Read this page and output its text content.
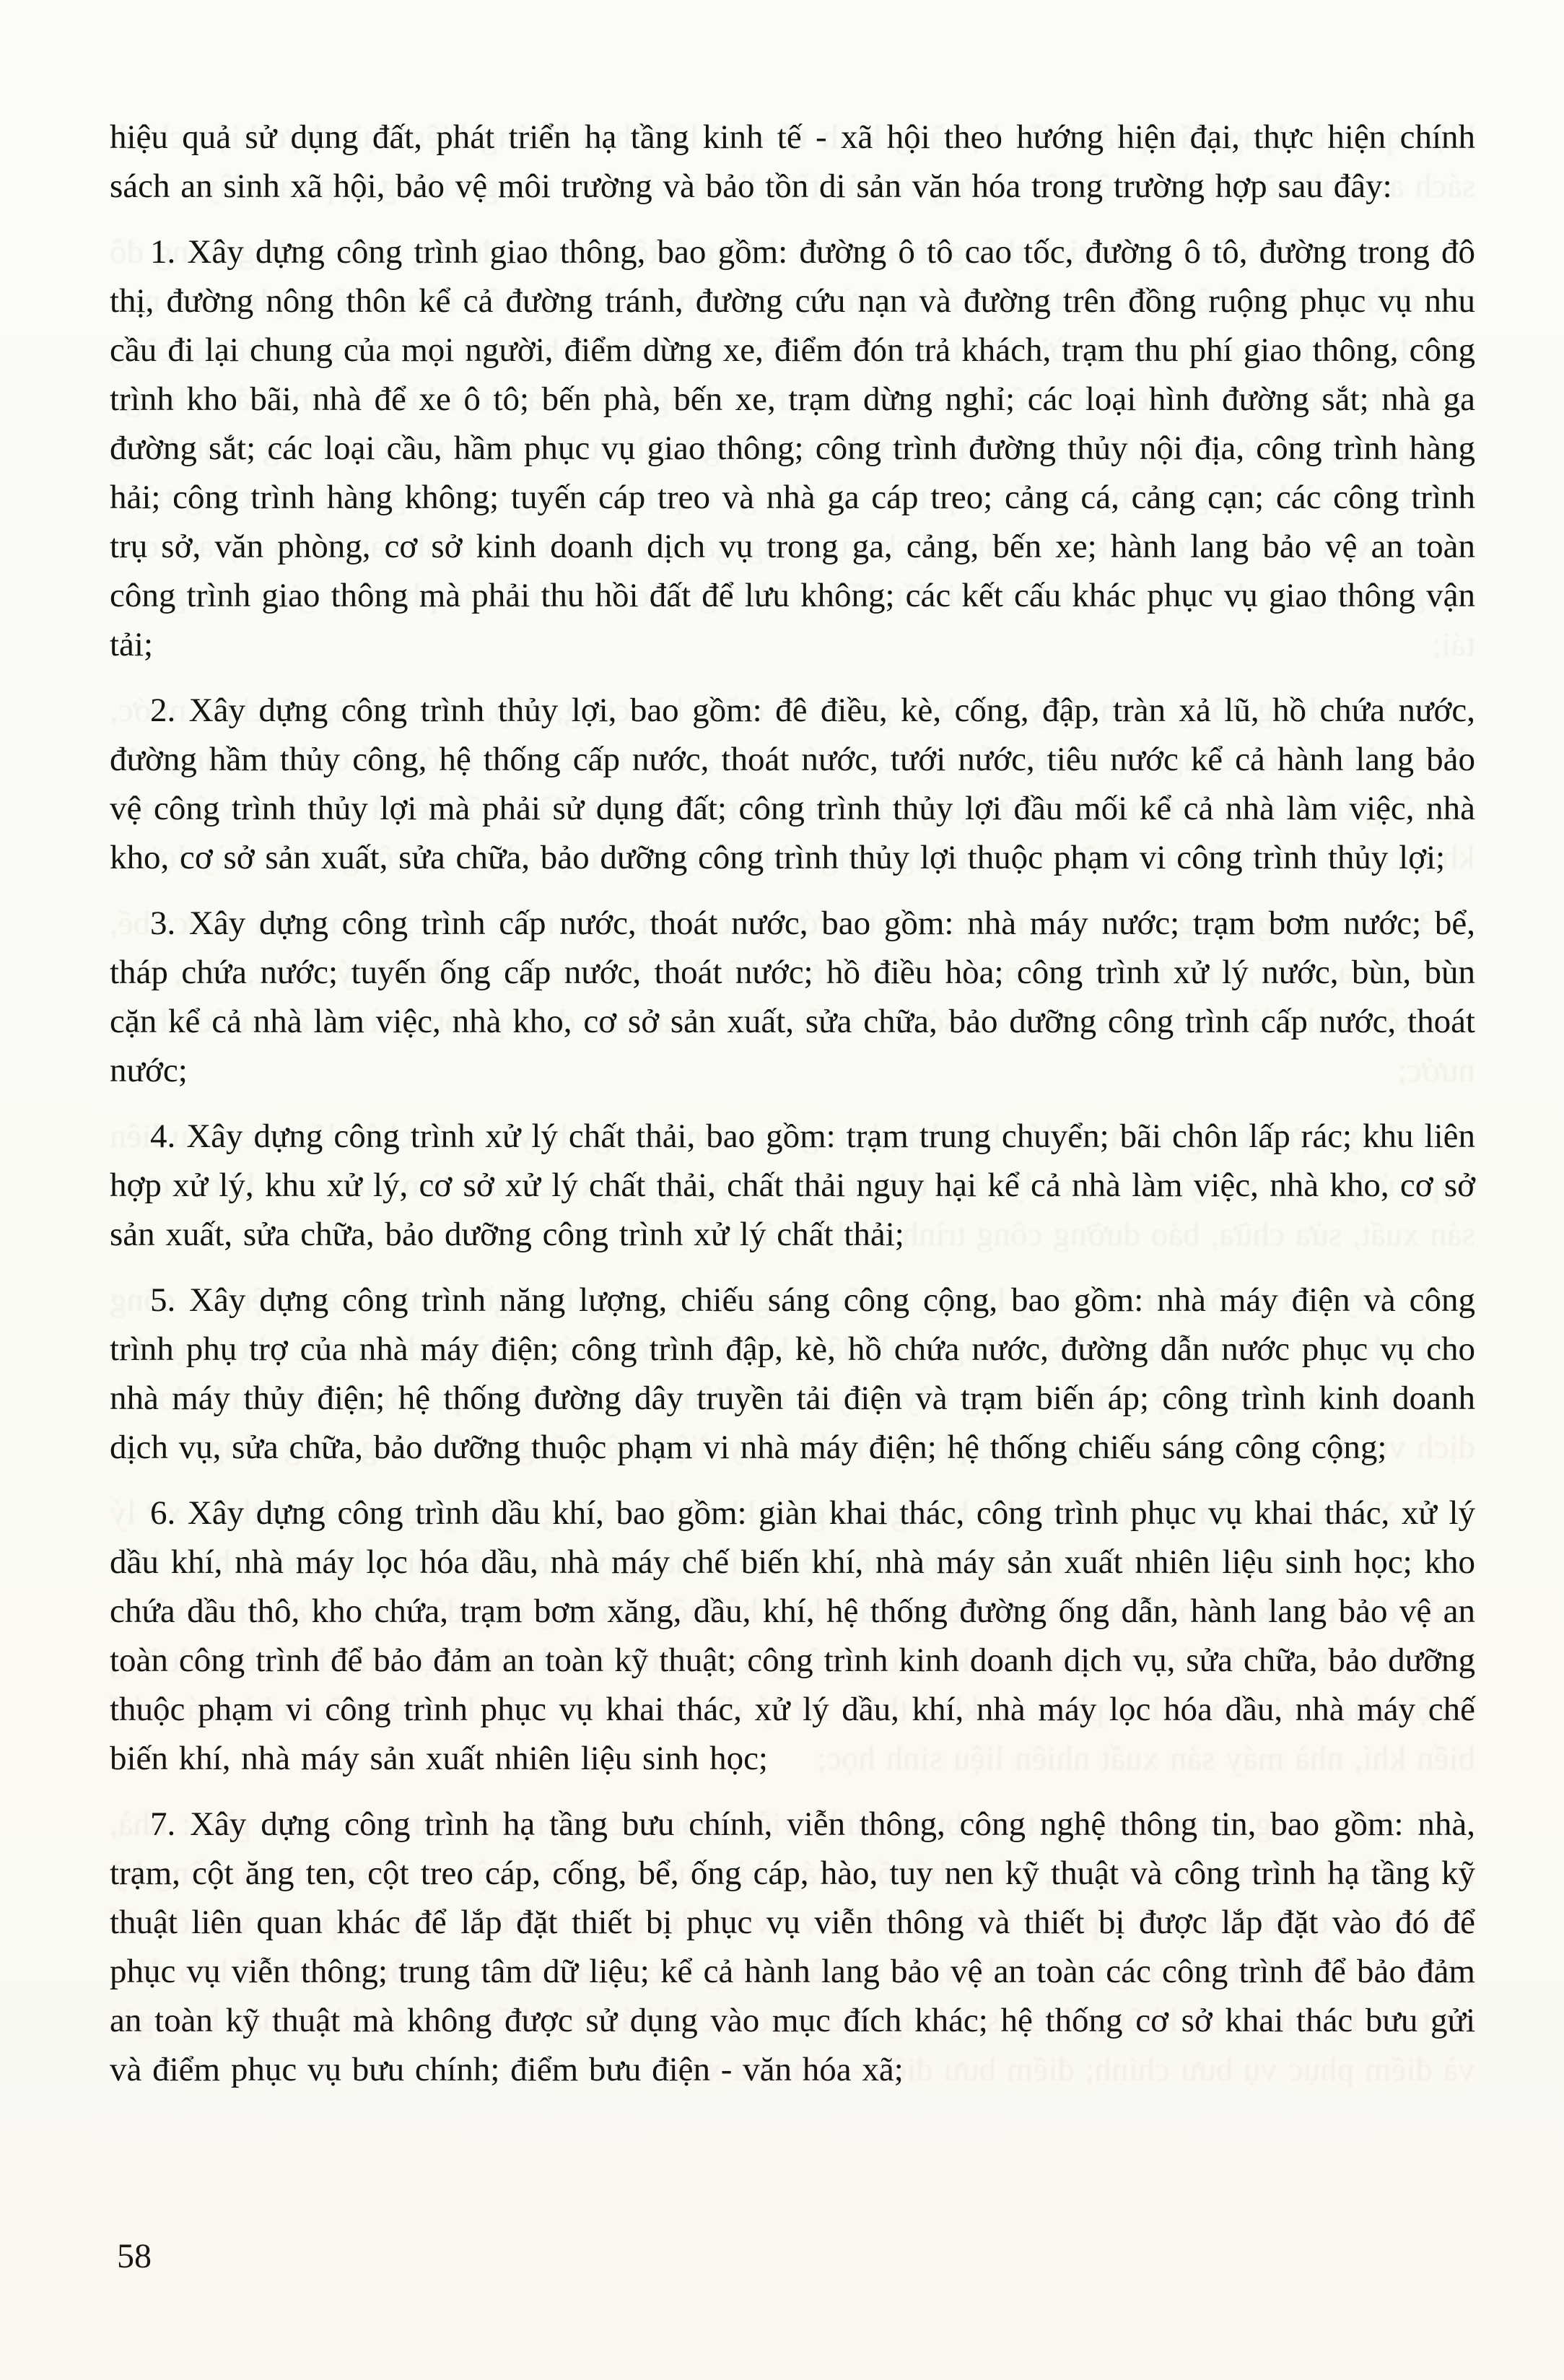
hiệu quả sử dụng đất, phát triển hạ tầng kinh tế - xã hội theo hướng hiện đại, thực hiện chính sách an sinh xã hội, bảo vệ môi trường và bảo tồn di sản văn hóa trong trường hợp sau đây:

1. Xây dựng công trình giao thông, bao gồm: đường ô tô cao tốc, đường ô tô, đường trong đô thị, đường nông thôn kể cả đường tránh, đường cứu nạn và đường trên đồng ruộng phục vụ nhu cầu đi lại chung của mọi người, điểm dừng xe, điểm đón trả khách, trạm thu phí giao thông, công trình kho bãi, nhà để xe ô tô; bến phà, bến xe, trạm dừng nghỉ; các loại hình đường sắt; nhà ga đường sắt; các loại cầu, hầm phục vụ giao thông; công trình đường thủy nội địa, công trình hàng hải; công trình hàng không; tuyến cáp treo và nhà ga cáp treo; cảng cá, cảng cạn; các công trình trụ sở, văn phòng, cơ sở kinh doanh dịch vụ trong ga, cảng, bến xe; hành lang bảo vệ an toàn công trình giao thông mà phải thu hồi đất để lưu không; các kết cấu khác phục vụ giao thông vận tải;

2. Xây dựng công trình thủy lợi, bao gồm: đê điều, kè, cống, đập, tràn xả lũ, hồ chứa nước, đường hầm thủy công, hệ thống cấp nước, thoát nước, tưới nước, tiêu nước kể cả hành lang bảo vệ công trình thủy lợi mà phải sử dụng đất; công trình thủy lợi đầu mối kể cả nhà làm việc, nhà kho, cơ sở sản xuất, sửa chữa, bảo dưỡng công trình thủy lợi thuộc phạm vi công trình thủy lợi;

3. Xây dựng công trình cấp nước, thoát nước, bao gồm: nhà máy nước; trạm bơm nước; bể, tháp chứa nước; tuyến ống cấp nước, thoát nước; hồ điều hòa; công trình xử lý nước, bùn, bùn cặn kể cả nhà làm việc, nhà kho, cơ sở sản xuất, sửa chữa, bảo dưỡng công trình cấp nước, thoát nước;

4. Xây dựng công trình xử lý chất thải, bao gồm: trạm trung chuyển; bãi chôn lấp rác; khu liên hợp xử lý, khu xử lý, cơ sở xử lý chất thải, chất thải nguy hại kể cả nhà làm việc, nhà kho, cơ sở sản xuất, sửa chữa, bảo dưỡng công trình xử lý chất thải;

5. Xây dựng công trình năng lượng, chiếu sáng công cộng, bao gồm: nhà máy điện và công trình phụ trợ của nhà máy điện; công trình đập, kè, hồ chứa nước, đường dẫn nước phục vụ cho nhà máy thủy điện; hệ thống đường dây truyền tải điện và trạm biến áp; công trình kinh doanh dịch vụ, sửa chữa, bảo dưỡng thuộc phạm vi nhà máy điện; hệ thống chiếu sáng công cộng;

6. Xây dựng công trình dầu khí, bao gồm: giàn khai thác, công trình phục vụ khai thác, xử lý dầu khí, nhà máy lọc hóa dầu, nhà máy chế biến khí, nhà máy sản xuất nhiên liệu sinh học; kho chứa dầu thô, kho chứa, trạm bơm xăng, dầu, khí, hệ thống đường ống dẫn, hành lang bảo vệ an toàn công trình để bảo đảm an toàn kỹ thuật; công trình kinh doanh dịch vụ, sửa chữa, bảo dưỡng thuộc phạm vi công trình phục vụ khai thác, xử lý dầu, khí, nhà máy lọc hóa dầu, nhà máy chế biến khí, nhà máy sản xuất nhiên liệu sinh học;

7. Xây dựng công trình hạ tầng bưu chính, viễn thông, công nghệ thông tin, bao gồm: nhà, trạm, cột ăng ten, cột treo cáp, cống, bể, ống cáp, hào, tuy nen kỹ thuật và công trình hạ tầng kỹ thuật liên quan khác để lắp đặt thiết bị phục vụ viễn thông và thiết bị được lắp đặt vào đó để phục vụ viễn thông; trung tâm dữ liệu; kể cả hành lang bảo vệ an toàn các công trình để bảo đảm an toàn kỹ thuật mà không được sử dụng vào mục đích khác; hệ thống cơ sở khai thác bưu gửi và điểm phục vụ bưu chính; điểm bưu điện - văn hóa xã;

58
